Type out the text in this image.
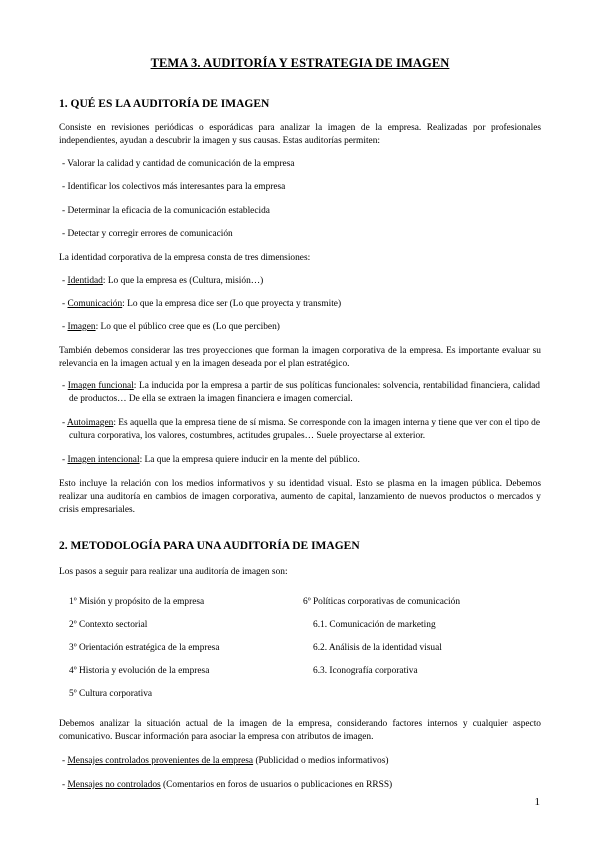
TEMA 3. AUDITORÍA Y ESTRATEGIA DE IMAGEN
1. QUÉ ES LA AUDITORÍA DE IMAGEN
Consiste en revisiones periódicas o esporádicas para analizar la imagen de la empresa. Realizadas por profesionales independientes, ayudan a descubrir la imagen y sus causas. Estas auditorías permiten:
- Valorar la calidad y cantidad de comunicación de la empresa
- Identificar los colectivos más interesantes para la empresa
- Determinar la eficacia de la comunicación establecida
- Detectar y corregir errores de comunicación
La identidad corporativa de la empresa consta de tres dimensiones:
- Identidad: Lo que la empresa es (Cultura, misión…)
- Comunicación: Lo que la empresa dice ser (Lo que proyecta y transmite)
- Imagen: Lo que el público cree que es (Lo que perciben)
También debemos considerar las tres proyecciones que forman la imagen corporativa de la empresa. Es importante evaluar su relevancia en la imagen actual y en la imagen deseada por el plan estratégico.
- Imagen funcional: La inducida por la empresa a partir de sus políticas funcionales: solvencia, rentabilidad financiera, calidad de productos… De ella se extraen la imagen financiera e imagen comercial.
- Autoimagen: Es aquella que la empresa tiene de sí misma. Se corresponde con la imagen interna y tiene que ver con el tipo de cultura corporativa, los valores, costumbres, actitudes grupales… Suele proyectarse al exterior.
- Imagen intencional: La que la empresa quiere inducir en la mente del público.
Esto incluye la relación con los medios informativos y su identidad visual. Esto se plasma en la imagen pública. Debemos realizar una auditoría en cambios de imagen corporativa, aumento de capital, lanzamiento de nuevos productos o mercados y crisis empresariales.
2. METODOLOGÍA PARA UNA AUDITORÍA DE IMAGEN
Los pasos a seguir para realizar una auditoría de imagen son:
1º Misión y propósito de la empresa
2º Contexto sectorial
3º Orientación estratégica de la empresa
4º Historia y evolución de la empresa
5º Cultura corporativa
6º Políticas corporativas de comunicación
6.1. Comunicación de marketing
6.2. Análisis de la identidad visual
6.3. Iconografía corporativa
Debemos analizar la situación actual de la imagen de la empresa, considerando factores internos y cualquier aspecto comunicativo. Buscar información para asociar la empresa con atributos de imagen.
- Mensajes controlados provenientes de la empresa (Publicidad o medios informativos)
- Mensajes no controlados (Comentarios en foros de usuarios o publicaciones en RRSS)
1
